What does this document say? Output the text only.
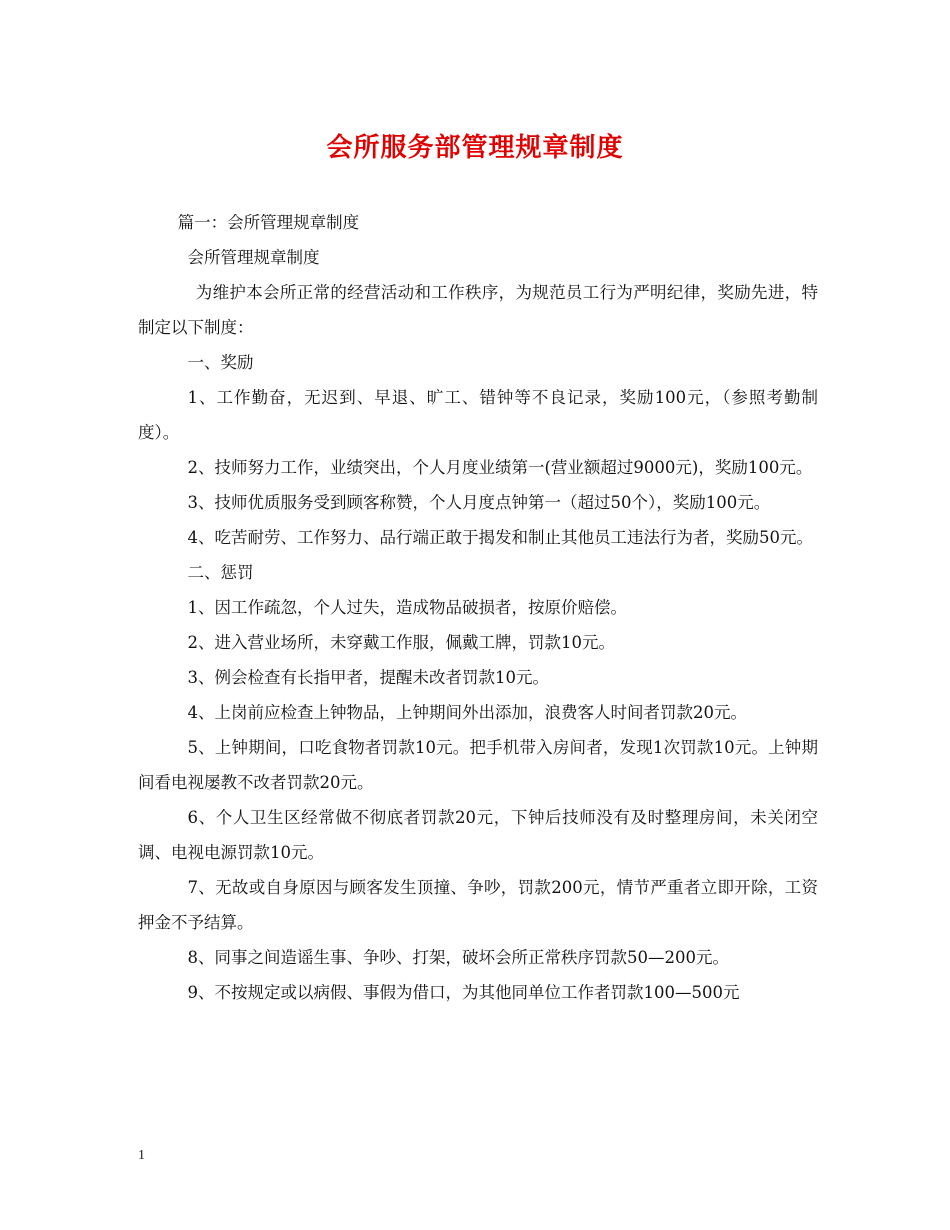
会所服务部管理规章制度

篇一：会所管理规章制度

会所管理规章制度

为维护本会所正常的经营活动和工作秩序，为规范员工行为严明纪律，奖励先进，特制定以下制度：

一、奖励

1、工作勤奋，无迟到、早退、旷工、错钟等不良记录，奖励100元，（参照考勤制度）。

2、技师努力工作，业绩突出，个人月度业绩第一(营业额超过9000元)，奖励100元。

3、技师优质服务受到顾客称赞，个人月度点钟第一（超过50个），奖励100元。

4、吃苦耐劳、工作努力、品行端正敢于揭发和制止其他员工违法行为者，奖励50元。

二、惩罚

1、因工作疏忽，个人过失，造成物品破损者，按原价赔偿。

2、进入营业场所，未穿戴工作服，佩戴工牌，罚款10元。

3、例会检查有长指甲者，提醒未改者罚款10元。

4、上岗前应检查上钟物品，上钟期间外出添加，浪费客人时间者罚款20元。

5、上钟期间，口吃食物者罚款10元。把手机带入房间者，发现1次罚款10元。上钟期间看电视屡教不改者罚款20元。

6、个人卫生区经常做不彻底者罚款20元，下钟后技师没有及时整理房间，未关闭空调、电视电源罚款10元。

7、无故或自身原因与顾客发生顶撞、争吵，罚款200元，情节严重者立即开除，工资押金不予结算。

8、同事之间造谣生事、争吵、打架，破坏会所正常秩序罚款50—200元。

9、不按规定或以病假、事假为借口，为其他同单位工作者罚款100—500元

1
